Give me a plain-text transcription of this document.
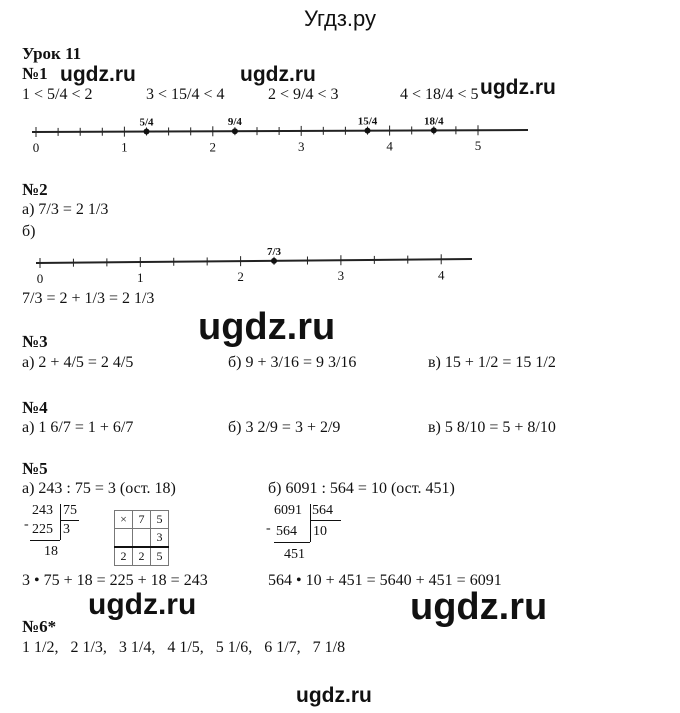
Угдз.ру
Урок 11
№1 ugdz.ru	ugdz.ru
ugdz.ru
1 < 5/4 < 2	3 < 15/4 < 4	2 < 9/4 < 3	4 < 18/4 < 5
0	1	2	3	4	5
5/4	9/4	15/4	18/4
№2
а) 7/3 = 2 1/3
б)
0	1	2	3	4
7/3
7/3 = 2 + 1/3 = 2 1/3
ugdz.ru
№3
а) 2 + 4/5 = 2 4/5	б) 9 + 3/16 = 9 3/16	в) 15 + 1/2 = 15 1/2
№4
а) 1 6/7 = 1 + 6/7	б) 3 2/9 = 3 + 2/9	в) 5 8/10 = 5 + 8/10
№5
а) 243 : 75 = 3 (ост. 18)	б) 6091 : 564 = 10 (ост. 451)
243
-
75
3
225
18
×	7	5
		3
2	2	5
6091
-
564
10
564
451
3 • 75 + 18 = 225 + 18 = 243	564 • 10 + 451 = 5640 + 451 = 6091
ugdz.ru	ugdz.ru
№6*
1 1/2,   2 1/3,   3 1/4,   4 1/5,   5 1/6,   6 1/7,   7 1/8
ugdz.ru
